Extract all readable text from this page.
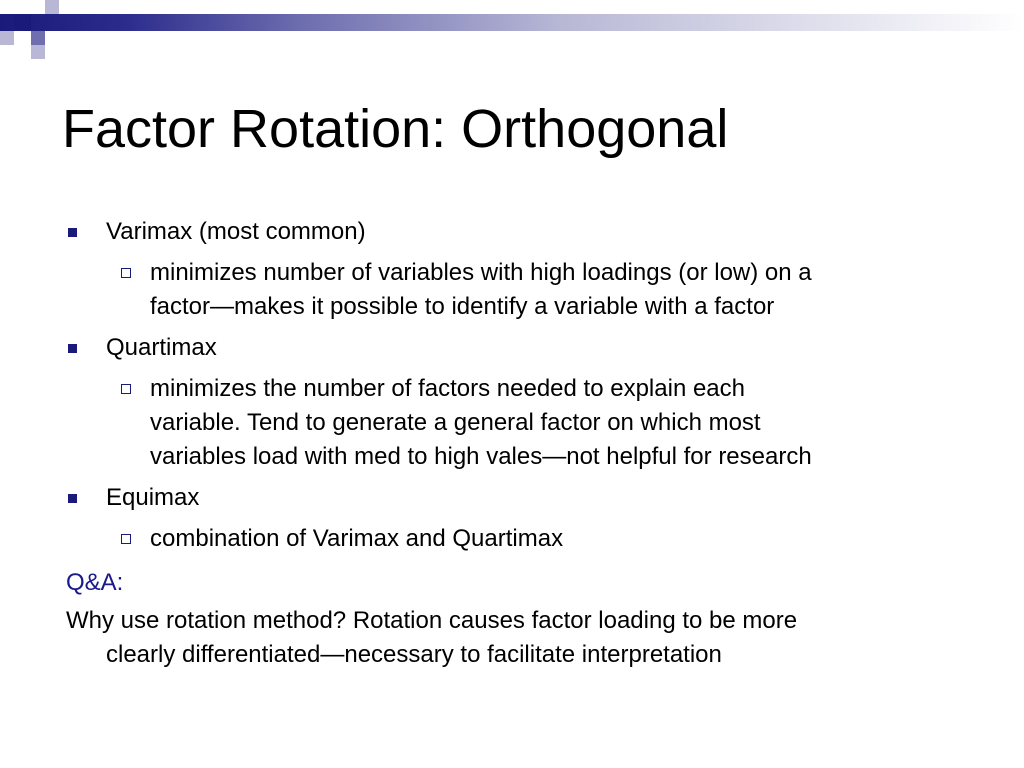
Factor Rotation: Orthogonal
Varimax (most common)
minimizes number of variables with high loadings (or low) on a
factor—makes it possible to identify a variable with a factor
Quartimax
minimizes the number of factors needed to explain each
variable. Tend to generate a general factor on which most
variables load with med to high vales—not helpful for research
Equimax
combination of Varimax and Quartimax
Q&A:
Why use rotation method? Rotation causes factor loading to be more
clearly differentiated—necessary to facilitate interpretation
